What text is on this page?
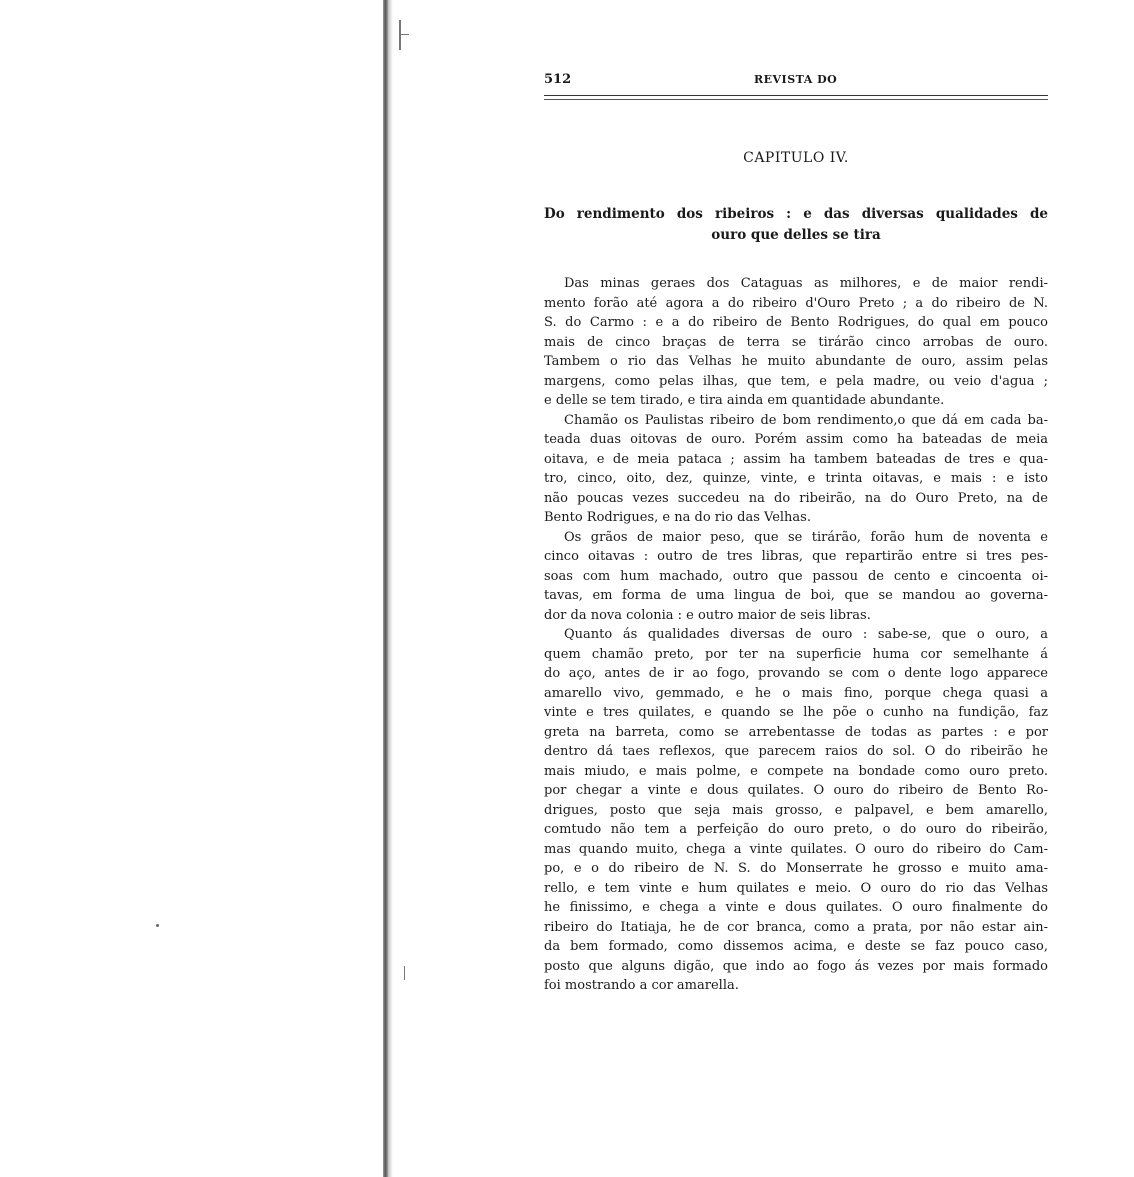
512	REVISTA DO
CAPITULO IV.
Do rendimento dos ribeiros : e das diversas qualidades de
ouro que delles se tira
Das minas geraes dos Cataguas as milhores, e de maior rendi-
mento forão até agora a do ribeiro d'Ouro Preto ; a do ribeiro de N.
S. do Carmo : e a do ribeiro de Bento Rodrigues, do qual em pouco
mais de cinco braças de terra se tirárão cinco arrobas de ouro.
Tambem o rio das Velhas he muito abundante de ouro, assim pelas
margens, como pelas ilhas, que tem, e pela madre, ou veio d'agua ;
e delle se tem tirado, e tira ainda em quantidade abundante.
Chamão os Paulistas ribeiro de bom rendimento,o que dá em cada ba-
teada duas oitovas de ouro. Porém assim como ha bateadas de meia
oitava, e de meia pataca ; assim ha tambem bateadas de tres e qua-
tro, cinco, oito, dez, quinze, vinte, e trinta oitavas, e mais : e isto
não poucas vezes succedeu na do ribeirão, na do Ouro Preto, na de
Bento Rodrigues, e na do rio das Velhas.
Os grãos de maior peso, que se tirárão, forão hum de noventa e
cinco oitavas : outro de tres libras, que repartirão entre si tres pes-
soas com hum machado, outro que passou de cento e cincoenta oi-
tavas, em forma de uma lingua de boi, que se mandou ao governa-
dor da nova colonia : e outro maior de seis libras.
Quanto ás qualidades diversas de ouro : sabe-se, que o ouro, a
quem chamão preto, por ter na superficie huma cor semelhante á
do aço, antes de ir ao fogo, provando se com o dente logo apparece
amarello vivo, gemmado, e he o mais fino, porque chega quasi a
vinte e tres quilates, e quando se lhe põe o cunho na fundição, faz
greta na barreta, como se arrebentasse de todas as partes : e por
dentro dá taes reflexos, que parecem raios do sol. O do ribeirão he
mais miudo, e mais polme, e compete na bondade como ouro preto.
por chegar a vinte e dous quilates. O ouro do ribeiro de Bento Ro-
drigues, posto que seja mais grosso, e palpavel, e bem amarello,
comtudo não tem a perfeição do ouro preto, o do ouro do ribeirão,
mas quando muito, chega a vinte quilates. O ouro do ribeiro do Cam-
po, e o do ribeiro de N. S. do Monserrate he grosso e muito ama-
rello, e tem vinte e hum quilates e meio. O ouro do rio das Velhas
he finissimo, e chega a vinte e dous quilates. O ouro finalmente do
ribeiro do Itatiaja, he de cor branca, como a prata, por não estar ain-
da bem formado, como dissemos acima, e deste se faz pouco caso,
posto que alguns digão, que indo ao fogo ás vezes por mais formado
foi mostrando a cor amarella.
